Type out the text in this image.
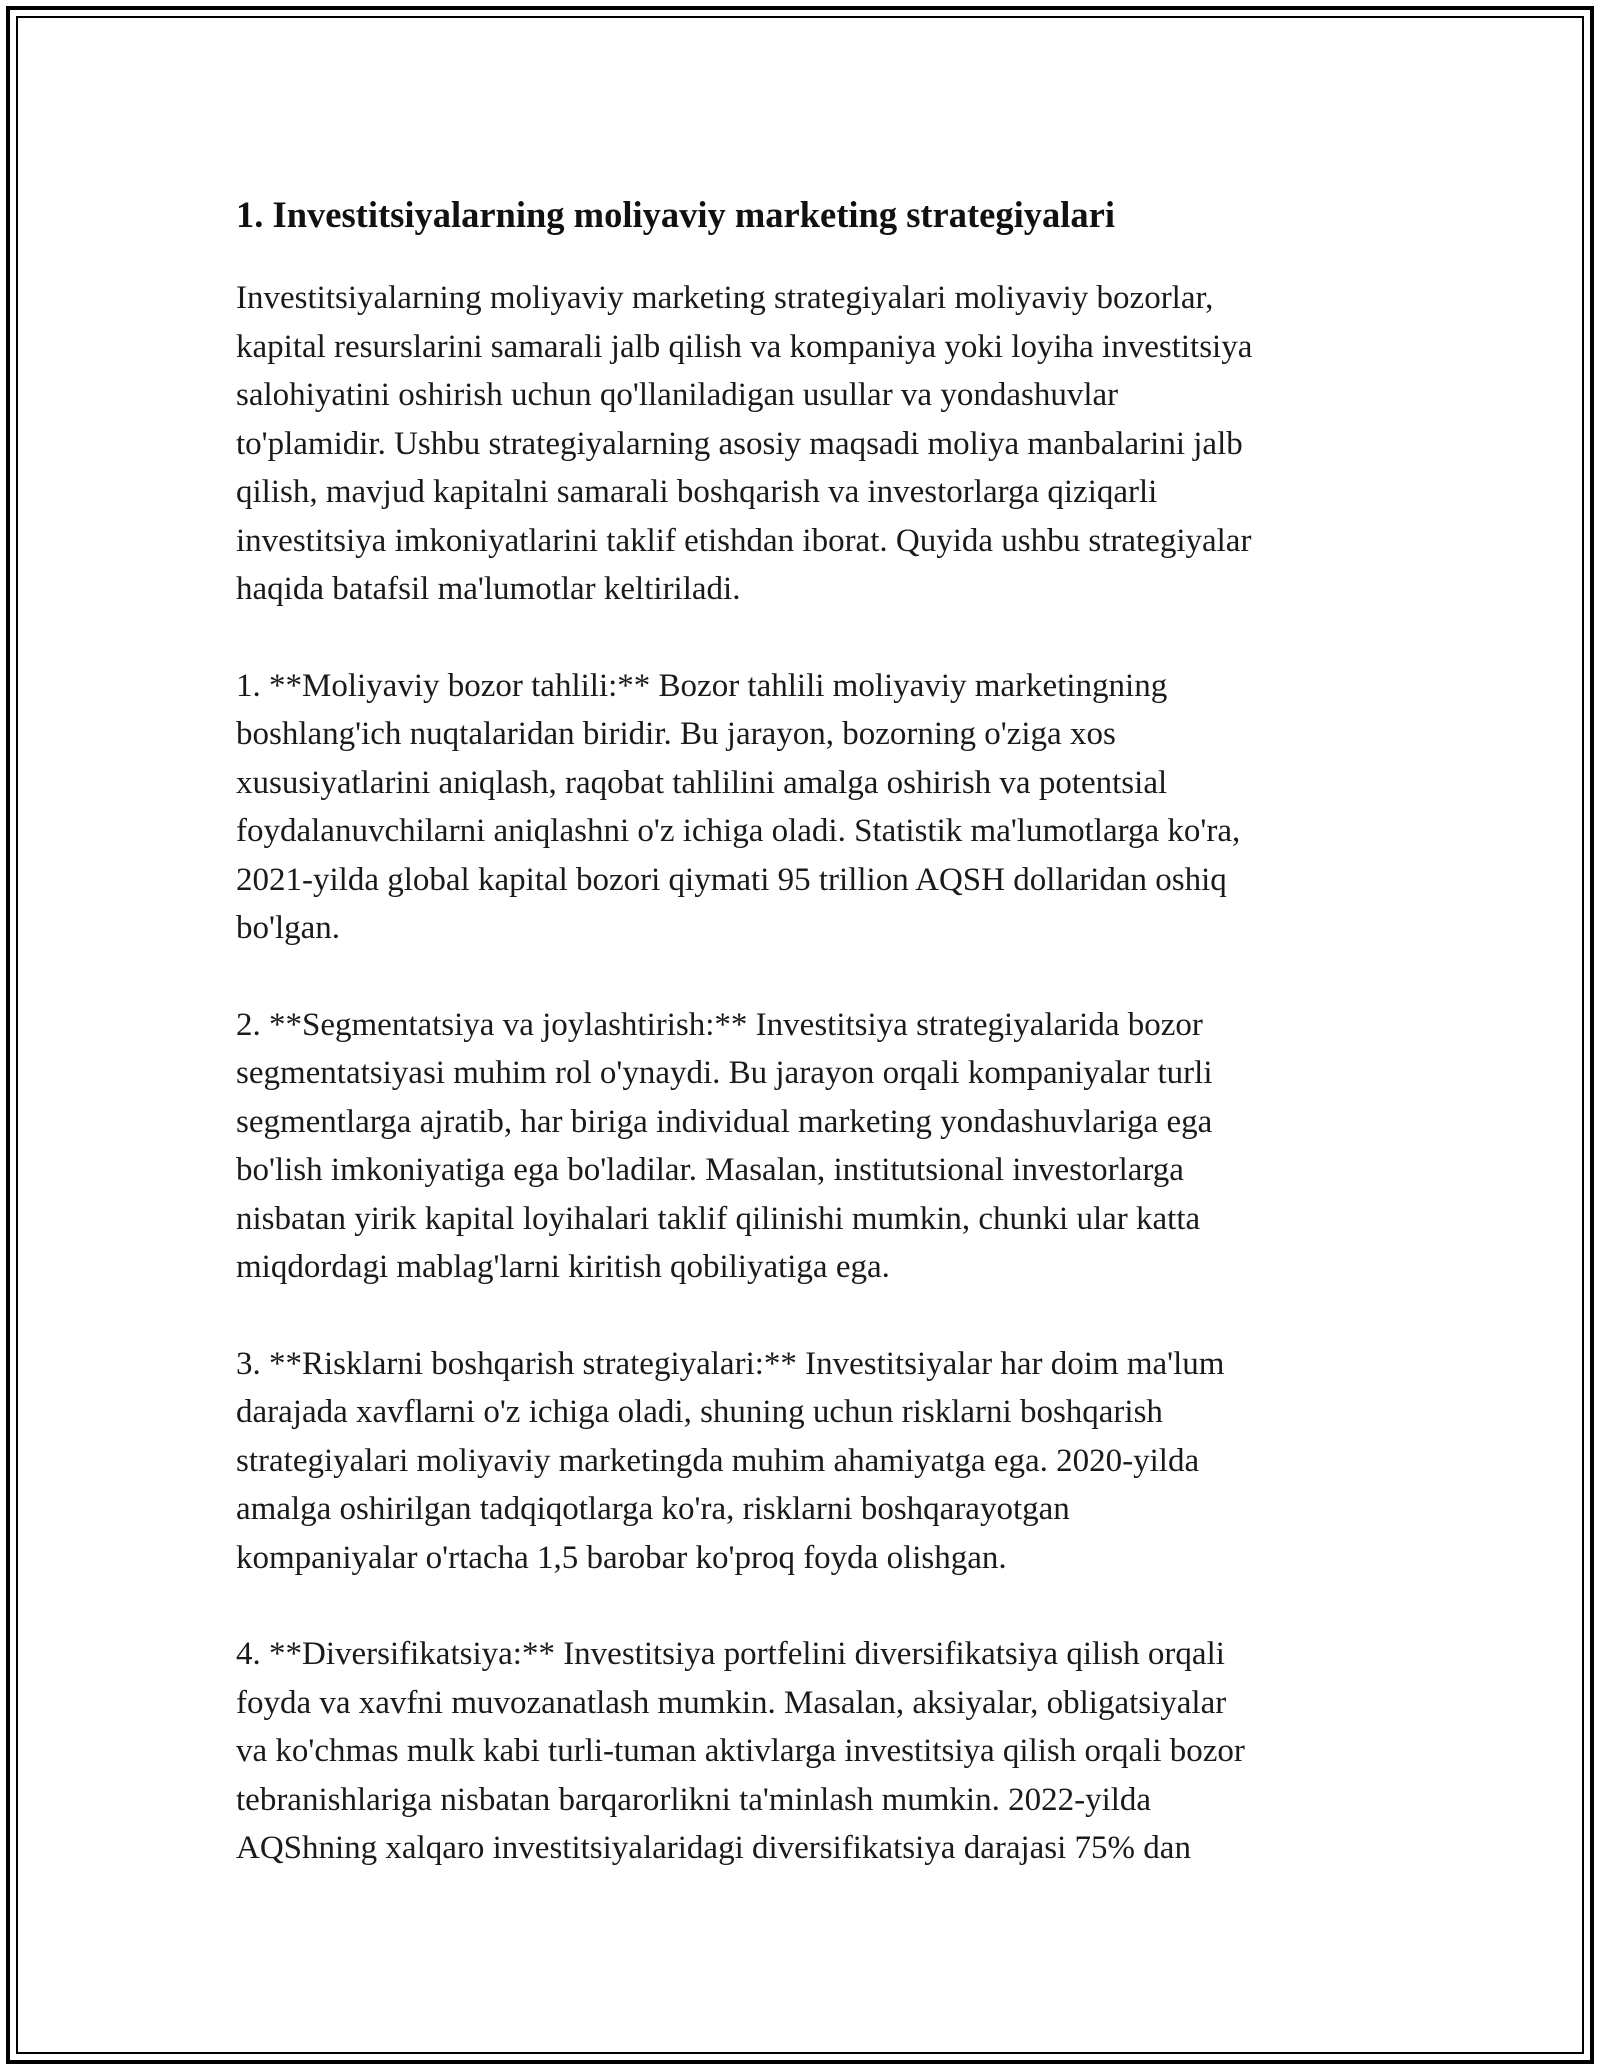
1. Investitsiyalarning moliyaviy marketing strategiyalari

Investitsiyalarning moliyaviy marketing strategiyalari moliyaviy bozorlar,
kapital resurslarini samarali jalb qilish va kompaniya yoki loyiha investitsiya
salohiyatini oshirish uchun qo'llaniladigan usullar va yondashuvlar
to'plamidir. Ushbu strategiyalarning asosiy maqsadi moliya manbalarini jalb
qilish, mavjud kapitalni samarali boshqarish va investorlarga qiziqarli
investitsiya imkoniyatlarini taklif etishdan iborat. Quyida ushbu strategiyalar
haqida batafsil ma'lumotlar keltiriladi.

1. **Moliyaviy bozor tahlili:** Bozor tahlili moliyaviy marketingning
boshlang'ich nuqtalaridan biridir. Bu jarayon, bozorning o'ziga xos
xususiyatlarini aniqlash, raqobat tahlilini amalga oshirish va potentsial
foydalanuvchilarni aniqlashni o'z ichiga oladi. Statistik ma'lumotlarga ko'ra,
2021-yilda global kapital bozori qiymati 95 trillion AQSH dollaridan oshiq
bo'lgan.

2. **Segmentatsiya va joylashtirish:** Investitsiya strategiyalarida bozor
segmentatsiyasi muhim rol o'ynaydi. Bu jarayon orqali kompaniyalar turli
segmentlarga ajratib, har biriga individual marketing yondashuvlariga ega
bo'lish imkoniyatiga ega bo'ladilar. Masalan, institutsional investorlarga
nisbatan yirik kapital loyihalari taklif qilinishi mumkin, chunki ular katta
miqdordagi mablag'larni kiritish qobiliyatiga ega.

3. **Risklarni boshqarish strategiyalari:** Investitsiyalar har doim ma'lum
darajada xavflarni o'z ichiga oladi, shuning uchun risklarni boshqarish
strategiyalari moliyaviy marketingda muhim ahamiyatga ega. 2020-yilda
amalga oshirilgan tadqiqotlarga ko'ra, risklarni boshqarayotgan
kompaniyalar o'rtacha 1,5 barobar ko'proq foyda olishgan.

4. **Diversifikatsiya:** Investitsiya portfelini diversifikatsiya qilish orqali
foyda va xavfni muvozanatlash mumkin. Masalan, aksiyalar, obligatsiyalar
va ko'chmas mulk kabi turli-tuman aktivlarga investitsiya qilish orqali bozor
tebranishlariga nisbatan barqarorlikni ta'minlash mumkin. 2022-yilda
AQShning xalqaro investitsiyalaridagi diversifikatsiya darajasi 75% dan
